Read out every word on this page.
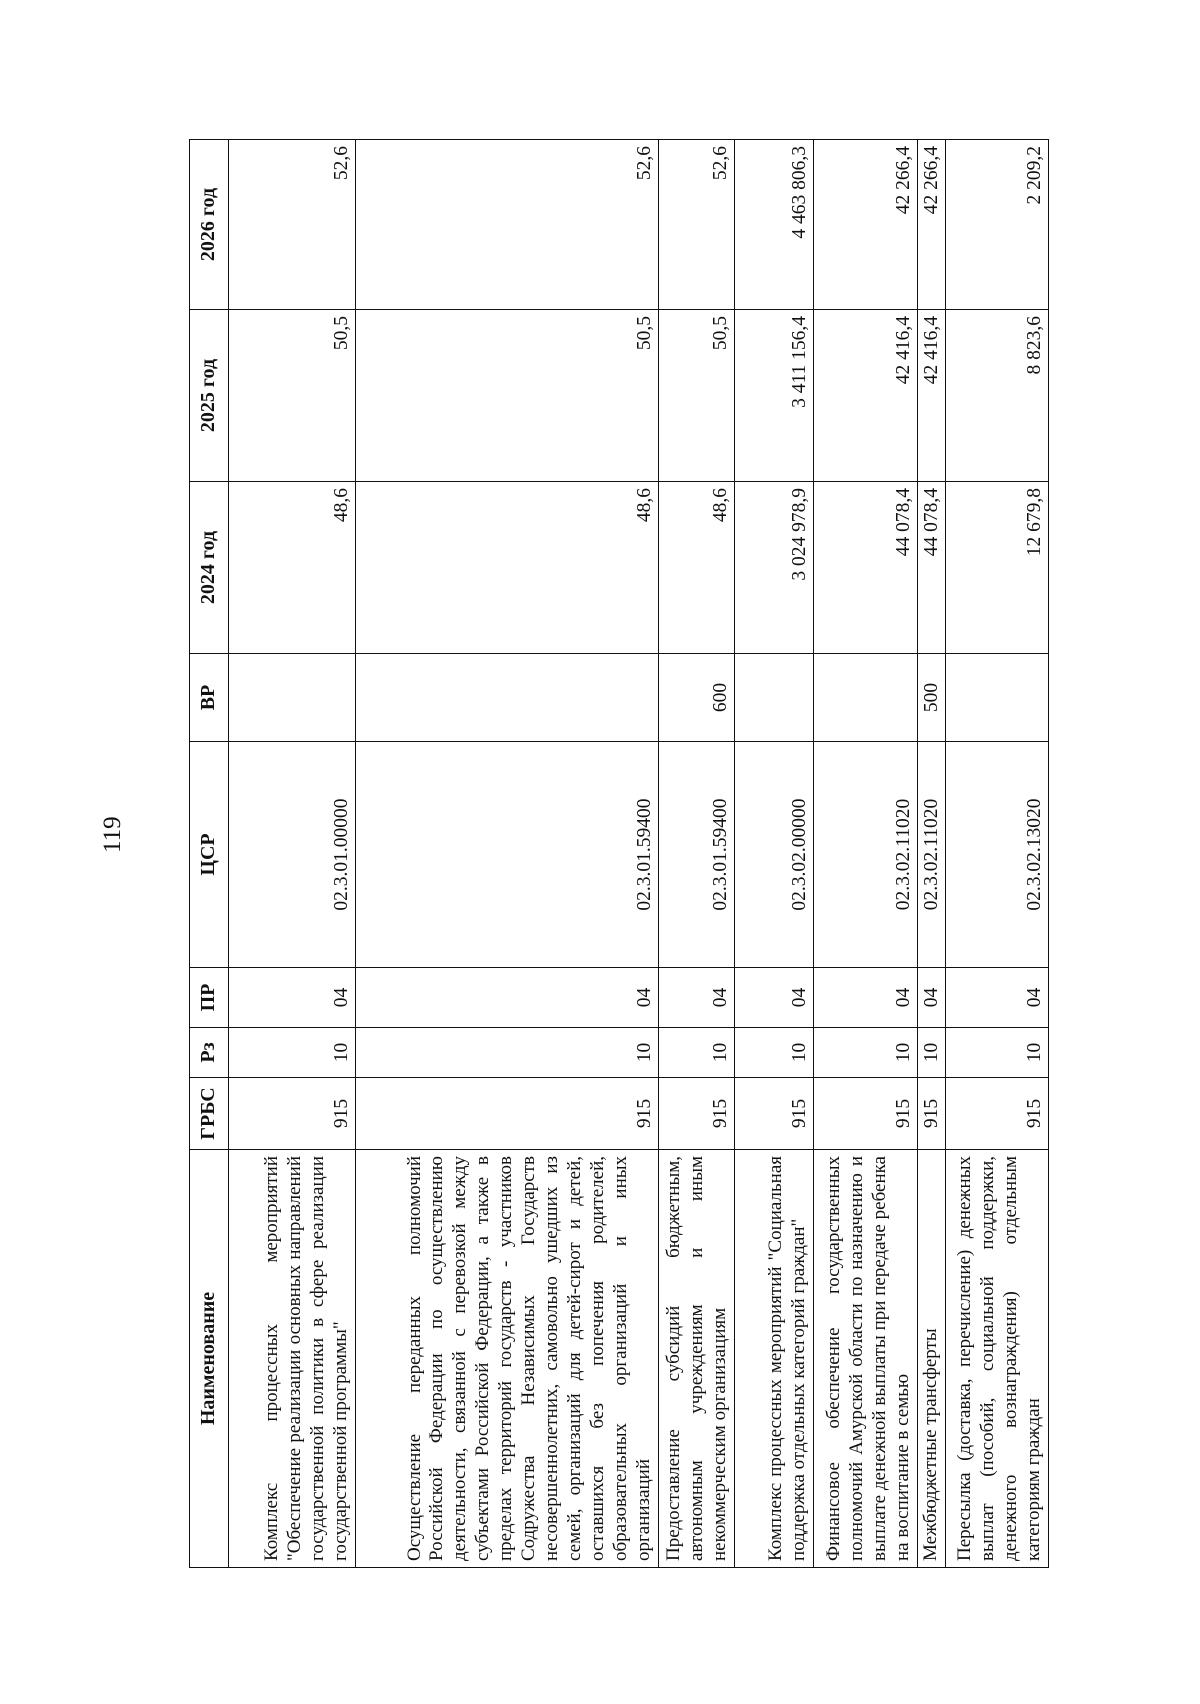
119
Наименование	ГРБС	Рз	ПР	ЦСР	ВР	2024 год	2025 год	2026 год
Комплекс процессных мероприятий "Обеспечение реализации основных направлений государственной политики в сфере реализации государственной программы"	915	10	04	02.3.01.00000		48,6	50,5	52,6
Осуществление переданных полномочий Российской Федерации по осуществлению деятельности, связанной с перевозкой между субъектами Российской Федерации, а также в пределах территорий государств - участников Содружества Независимых Государств несовершеннолетних, самовольно ушедших из семей, организаций для детей-сирот и детей, оставшихся без попечения родителей, образовательных организаций и иных организаций	915	10	04	02.3.01.59400		48,6	50,5	52,6
Предоставление субсидий бюджетным, автономным учреждениям и иным некоммерческим организациям	915	10	04	02.3.01.59400	600	48,6	50,5	52,6
Комплекс процессных мероприятий "Социальная поддержка отдельных категорий граждан"	915	10	04	02.3.02.00000		3 024 978,9	3 411 156,4	4 463 806,3
Финансовое обеспечение государственных полномочий Амурской области по назначению и выплате денежной выплаты при передаче ребенка на воспитание в семью	915	10	04	02.3.02.11020		44 078,4	42 416,4	42 266,4
Межбюджетные трансферты	915	10	04	02.3.02.11020	500	44 078,4	42 416,4	42 266,4
Пересылка (доставка, перечисление) денежных выплат (пособий, социальной поддержки, денежного вознаграждения) отдельным категориям граждан	915	10	04	02.3.02.13020		12 679,8	8 823,6	2 209,2
